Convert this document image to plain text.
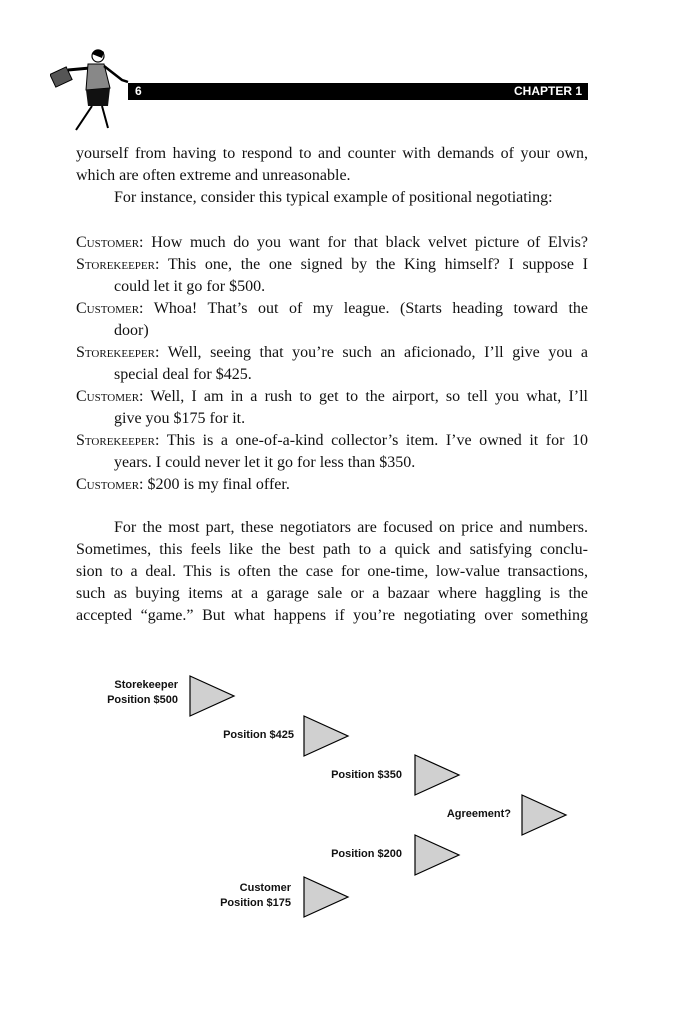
6	CHAPTER 1
yourself from having to respond to and counter with demands of your own,
which are often extreme and unreasonable.
For instance, consider this typical example of positional negotiating:
Customer: How much do you want for that black velvet picture of Elvis?
Storekeeper: This one, the one signed by the King himself? I suppose I
could let it go for $500.
Customer: Whoa! That’s out of my league. (Starts heading toward the
door)
Storekeeper: Well, seeing that you’re such an aficionado, I’ll give you a
special deal for $425.
Customer: Well, I am in a rush to get to the airport, so tell you what, I’ll
give you $175 for it.
Storekeeper: This is a one-of-a-kind collector’s item. I’ve owned it for 10
years. I could never let it go for less than $350.
Customer: $200 is my final offer.
For the most part, these negotiators are focused on price and numbers.
Sometimes, this feels like the best path to a quick and satisfying conclu-
sion to a deal. This is often the case for one-time, low-value transactions,
such as buying items at a garage sale or a bazaar where haggling is the
accepted “game.” But what happens if you’re negotiating over something
Storekeeper
Position $500
Position $425
Position $350
Agreement?
Position $200
Customer
Position $175
